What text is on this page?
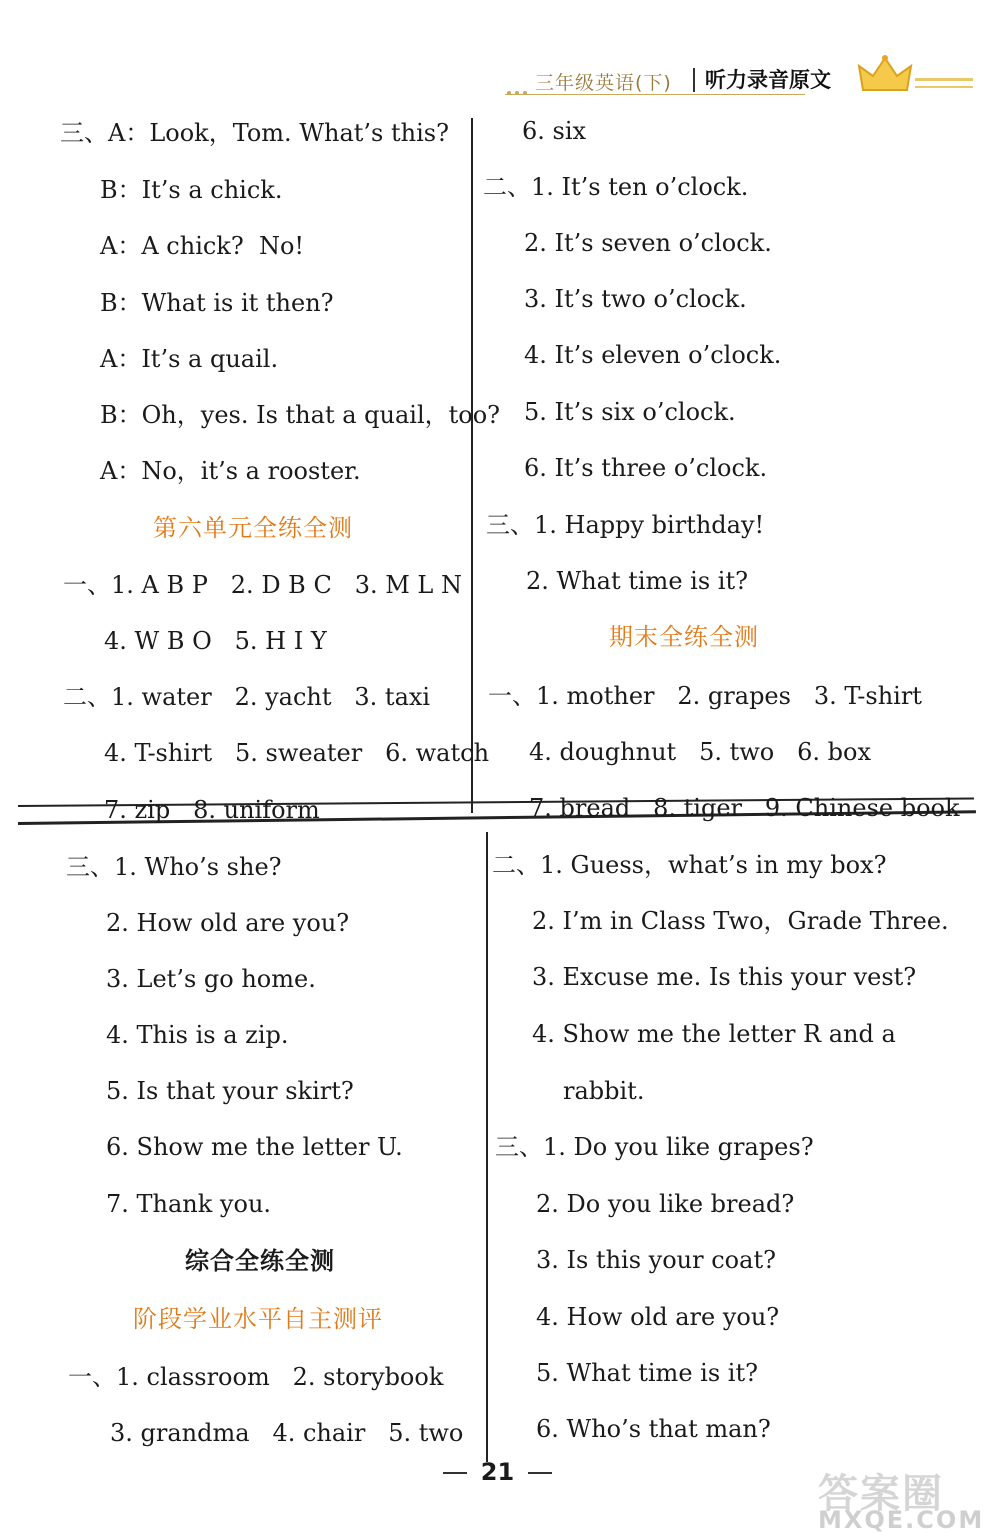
三年级英语(下) 听力录音原文
三、A：Look，Tom. What’s this?
B：It’s a chick.
A：A chick?  No!
B：What is it then?
A：It’s a quail.
B：Oh，yes. Is that a quail，too?
A：No，it’s a rooster.
第六单元全练全测
一、1. A B P   2. D B C   3. M L N
4. W B O   5. H I Y
二、1. water   2. yacht   3. taxi
4. T-shirt   5. sweater   6. watch
7. zip   8. uniform
三、1. Who’s she?
2. How old are you?
3. Let’s go home.
4. This is a zip.
5. Is that your skirt?
6. Show me the letter U.
7. Thank you.
综合全练全测
阶段学业水平自主测评
一、1. classroom   2. storybook
3. grandma   4. chair   5. two
6. six
二、1. It’s ten o’clock.
2. It’s seven o’clock.
3. It’s two o’clock.
4. It’s eleven o’clock.
5. It’s six o’clock.
6. It’s three o’clock.
三、1. Happy birthday!
2. What time is it?
期末全练全测
一、1. mother   2. grapes   3. T-shirt
4. doughnut   5. two   6. box
7. bread   8. tiger   9. Chinese book
二、1. Guess，what’s in my box?
2. I’m in Class Two，Grade Three.
3. Excuse me. Is this your vest?
4. Show me the letter R and a
rabbit.
三、1. Do you like grapes?
2. Do you like bread?
3. Is this your coat?
4. How old are you?
5. What time is it?
6. Who’s that man?
21	答案圈
MXQE.COM
